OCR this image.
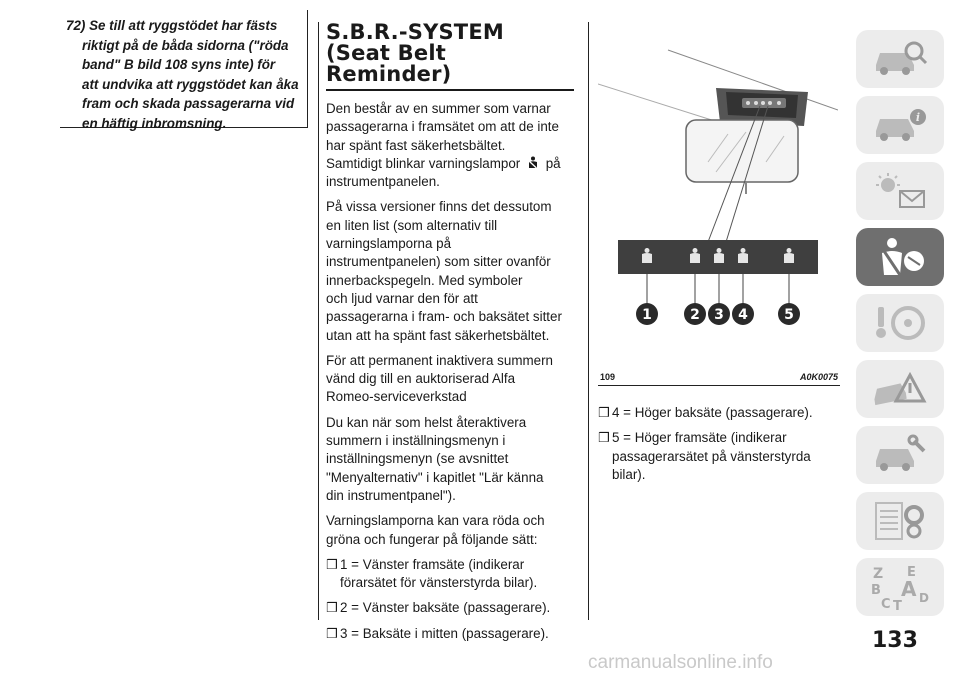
72) Se till att ryggstödet har fästs

riktigt på de båda sidorna ("röda

band" B bild 108 syns inte) för

att undvika att ryggstödet kan åka

fram och skada passagerarna vid

en häftig inbromsning.

S.B.R.-SYSTEM
(Seat Belt
Reminder)

Den består av en summer som varnar

passagerarna i framsätet om att de inte

har spänt fast säkerhetsbältet.

Samtidigt blinkar varningslampor på

instrumentpanelen.

På vissa versioner finns det dessutom

en liten list (som alternativ till

varningslamporna på

instrumentpanelen) som sitter ovanför

innerbackspegeln. Med symboler

och ljud varnar den för att

passagerarna i fram- och baksätet sitter

utan att ha spänt fast säkerhetsbältet.

För att permanent inaktivera summern

vänd dig till en auktoriserad Alfa

Romeo-serviceverkstad

Du kan när som helst återaktivera

summern i inställningsmenyn i

inställningsmenyn (se avsnittet

"Menyalternativ" i kapitlet "Lär känna

din instrumentpanel").

Varningslamporna kan vara röda och

gröna och fungerar på följande sätt:

❒ 1 = Vänster framsäte (indikerar

förarsätet för vänsterstyrda bilar).

❒ 2 = Vänster baksäte (passagerare).

❒ 3 = Baksäte i mitten (passagerare).

1	2 3 4	5
109	A0K0075
❒ 4 = Höger baksäte (passagerare).

❒ 5 = Höger framsäte (indikerar

passagerarsätet på vänsterstyrda

bilar).

i
Z E
B A
C T
D
133
carmanualsonline.info
